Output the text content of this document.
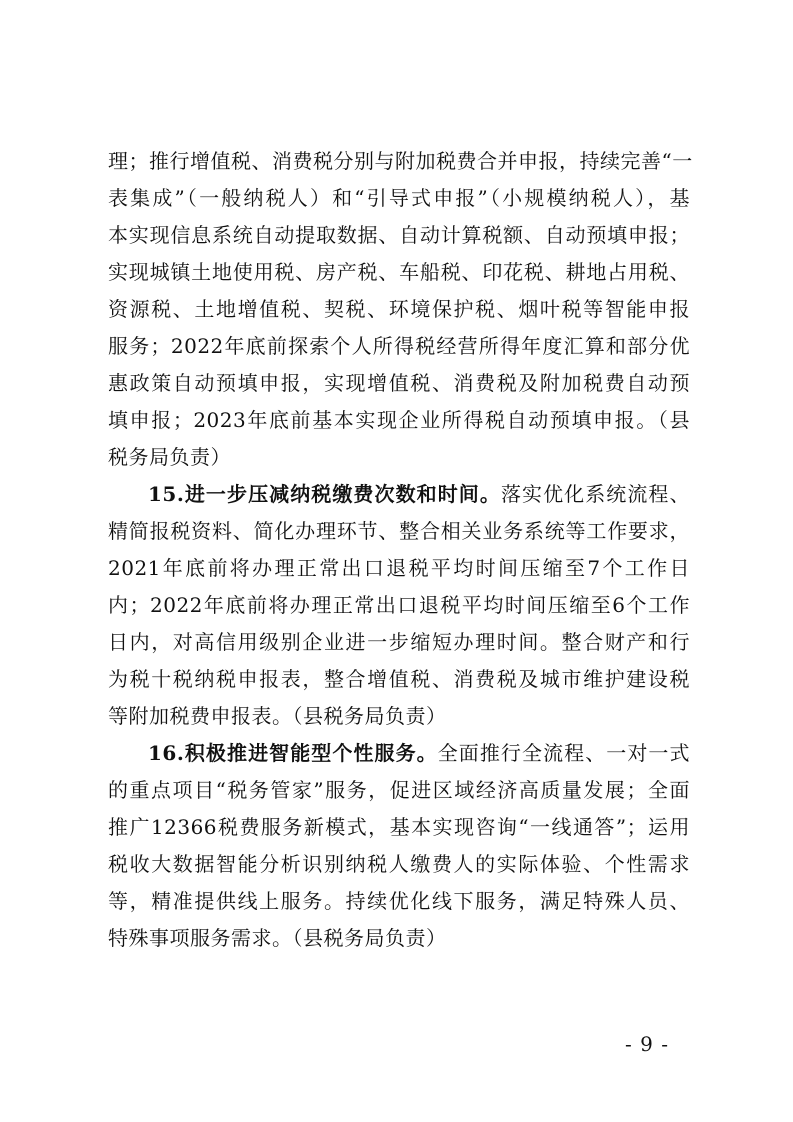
理；推行增值税、消费税分别与附加税费合并申报，持续完善“一
表集成”（一般纳税人）和“引导式申报”（小规模纳税人），基
本实现信息系统自动提取数据、自动计算税额、自动预填申报；
实现城镇土地使用税、房产税、车船税、印花税、耕地占用税、
资源税、土地增值税、契税、环境保护税、烟叶税等智能申报
服务；2022年底前探索个人所得税经营所得年度汇算和部分优
惠政策自动预填申报，实现增值税、消费税及附加税费自动预
填申报；2023年底前基本实现企业所得税自动预填申报。（县
税务局负责）
15.进一步压减纳税缴费次数和时间。落实优化系统流程、
精简报税资料、简化办理环节、整合相关业务系统等工作要求，
2021年底前将办理正常出口退税平均时间压缩至7个工作日
内；2022年底前将办理正常出口退税平均时间压缩至6个工作
日内，对高信用级别企业进一步缩短办理时间。整合财产和行
为税十税纳税申报表，整合增值税、消费税及城市维护建设税
等附加税费申报表。（县税务局负责）
16.积极推进智能型个性服务。全面推行全流程、一对一式
的重点项目“税务管家”服务，促进区域经济高质量发展；全面
推广12366税费服务新模式，基本实现咨询“一线通答”；运用
税收大数据智能分析识别纳税人缴费人的实际体验、个性需求
等，精准提供线上服务。持续优化线下服务，满足特殊人员、
特殊事项服务需求。（县税务局负责）
- 9 -
